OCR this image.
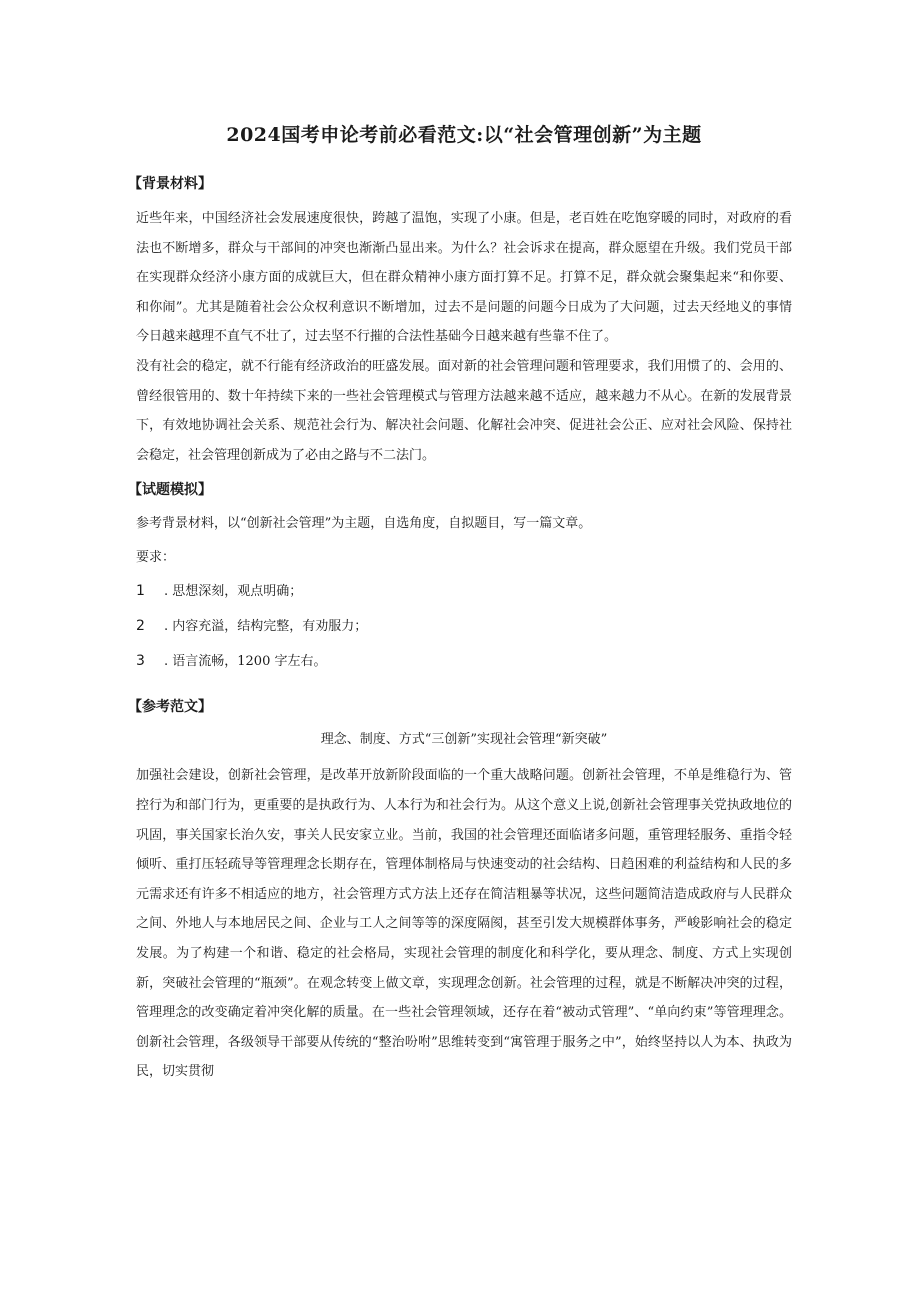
2024国考申论考前必看范文:以“社会管理创新”为主题
【背景材料】

近些年来，中国经济社会发展速度很快，跨越了温饱，实现了小康。但是，老百姓在吃饱穿暖的同时，对政府的看法也不断增多，群众与干部间的冲突也渐渐凸显出来。为什么？社会诉求在提高，群众愿望在升级。我们党员干部在实现群众经济小康方面的成就巨大，但在群众精神小康方面打算不足。打算不足，群众就会聚集起来“和你要、和你闹”。尤其是随着社会公众权利意识不断增加，过去不是问题的问题今日成为了大问题，过去天经地义的事情今日越来越理不直气不壮了，过去坚不行摧的合法性基础今日越来越有些靠不住了。

没有社会的稳定，就不行能有经济政治的旺盛发展。面对新的社会管理问题和管理要求，我们用惯了的、会用的、曾经很管用的、数十年持续下来的一些社会管理模式与管理方法越来越不适应，越来越力不从心。在新的发展背景下，有效地协调社会关系、规范社会行为、解决社会问题、化解社会冲突、促进社会公正、应对社会风险、保持社会稳定，社会管理创新成为了必由之路与不二法门。

【试题模拟】

参考背景材料，以“创新社会管理”为主题，自选角度，自拟题目，写一篇文章。

要求：

1 . 思想深刻，观点明确；
2 . 内容充溢，结构完整，有劝服力；
3 . 语言流畅，1200 字左右。
【参考范文】

理念、制度、方式“三创新”实现社会管理“新突破”

加强社会建设，创新社会管理，是改革开放新阶段面临的一个重大战略问题。创新社会管理，不单是维稳行为、管控行为和部门行为，更重要的是执政行为、人本行为和社会行为。从这个意义上说,创新社会管理事关党执政地位的巩固，事关国家长治久安，事关人民安家立业。当前，我国的社会管理还面临诸多问题，重管理轻服务、重指令轻倾听、重打压轻疏导等管理理念长期存在，管理体制格局与快速变动的社会结构、日趋困难的利益结构和人民的多元需求还有许多不相适应的地方，社会管理方式方法上还存在简洁粗暴等状况，这些问题简洁造成政府与人民群众之间、外地人与本地居民之间、企业与工人之间等等的深度隔阂，甚至引发大规模群体事务，严峻影响社会的稳定发展。为了构建一个和谐、稳定的社会格局，实现社会管理的制度化和科学化，要从理念、制度、方式上实现创新，突破社会管理的“瓶颈”。在观念转变上做文章，实现理念创新。社会管理的过程，就是不断解决冲突的过程，管理理念的改变确定着冲突化解的质量。在一些社会管理领域，还存在着“被动式管理”、“单向约束”等管理理念。创新社会管理，各级领导干部要从传统的“整治吩咐”思维转变到“寓管理于服务之中”，始终坚持以人为本、执政为民，切实贯彻
